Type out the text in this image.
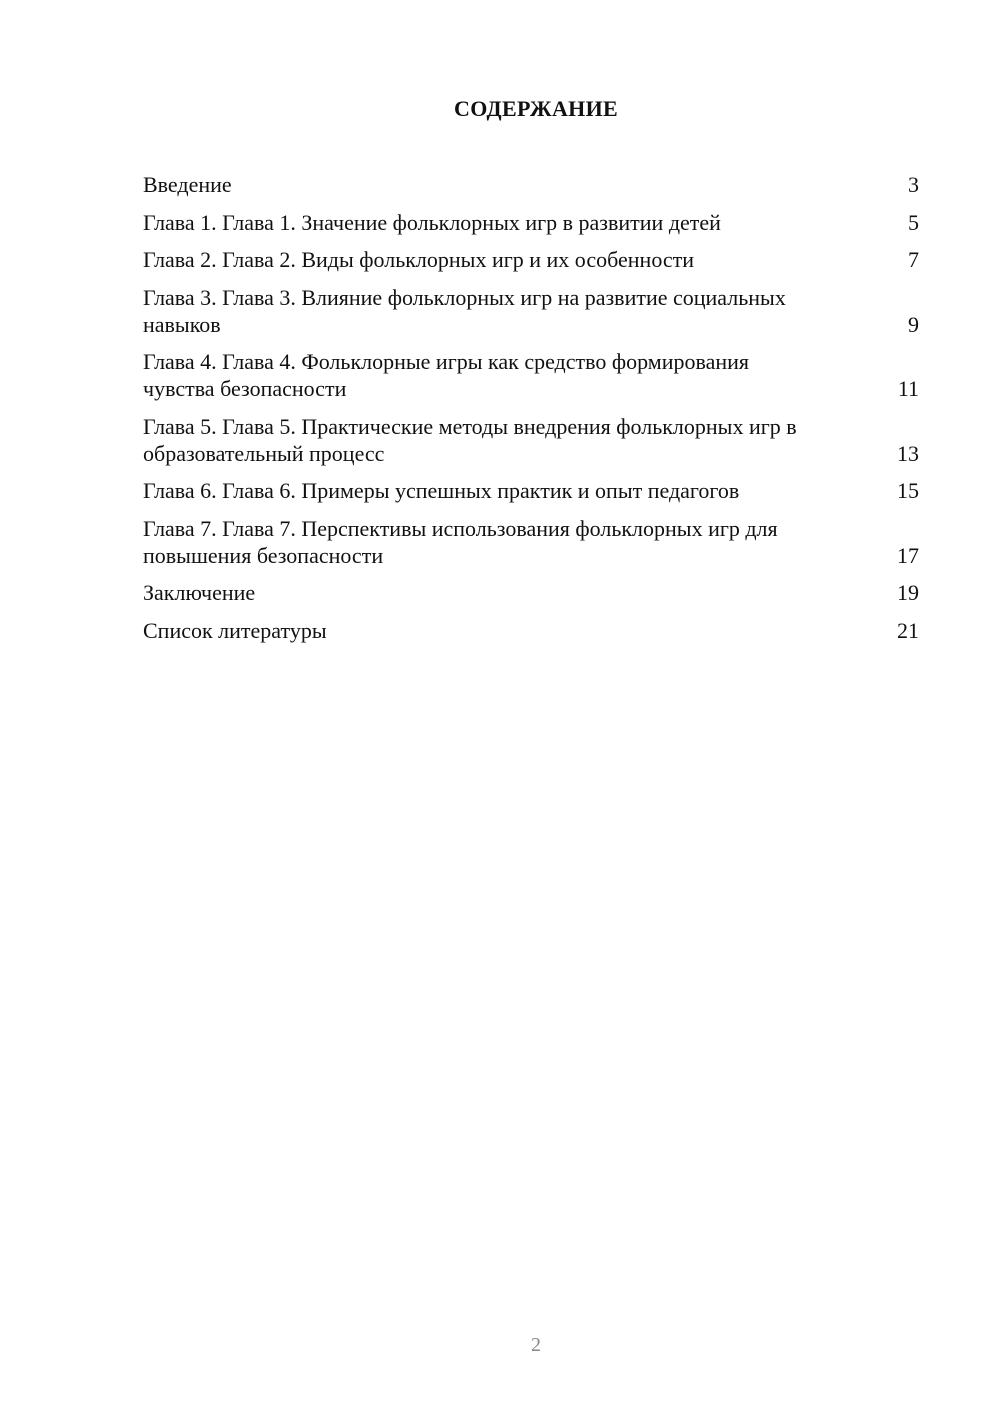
СОДЕРЖАНИЕ
Введение	3
Глава 1. Глава 1. Значение фольклорных игр в развитии детей	5
Глава 2. Глава 2. Виды фольклорных игр и их особенности	7
Глава 3. Глава 3. Влияние фольклорных игр на развитие социальных навыков	9
Глава 4. Глава 4. Фольклорные игры как средство формирования чувства безопасности	11
Глава 5. Глава 5. Практические методы внедрения фольклорных игр в образовательный процесс	13
Глава 6. Глава 6. Примеры успешных практик и опыт педагогов	15
Глава 7. Глава 7. Перспективы использования фольклорных игр для повышения безопасности	17
Заключение	19
Список литературы	21
2
